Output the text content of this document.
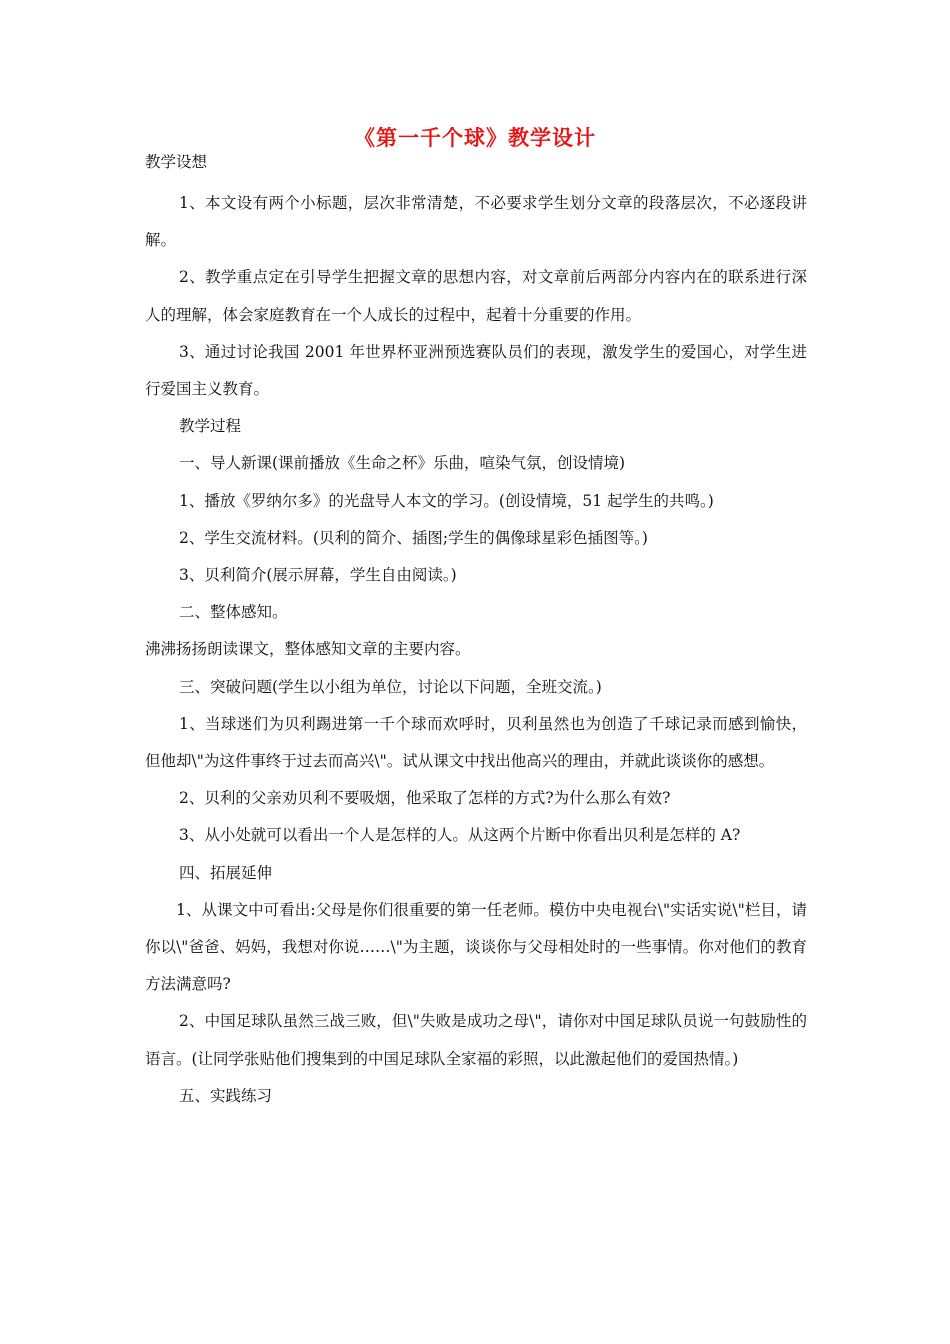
《第一千个球》教学设计

教学设想

1、本文设有两个小标题，层次非常清楚，不必要求学生划分文章的段落层次，不必逐段讲解。

2、教学重点定在引导学生把握文章的思想内容，对文章前后两部分内容内在的联系进行深人的理解，体会家庭教育在一个人成长的过程中，起着十分重要的作用。

3、通过讨论我国 2001 年世界杯亚洲预选赛队员们的表现，激发学生的爱国心，对学生进行爱国主义教育。

教学过程

一、导人新课(课前播放《生命之杯》乐曲，喧染气氛，创设情境)

1、播放《罗纳尔多》的光盘导人本文的学习。(创设情境，51 起学生的共鸣。)

2、学生交流材料。(贝利的简介、插图;学生的偶像球星彩色插图等。)

3、贝利简介(展示屏幕，学生自由阅读。)

二、整体感知。

沸沸扬扬朗读课文，整体感知文章的主要内容。

三、突破问题(学生以小组为单位，讨论以下问题，全班交流。)

1、当球迷们为贝利踢进第一千个球而欢呼时，贝利虽然也为创造了千球记录而感到愉快，但他却\"为这件事终于过去而高兴\"。试从课文中找出他高兴的理由，并就此谈谈你的感想。

2、贝利的父亲劝贝利不要吸烟，他采取了怎样的方式?为什么那么有效?

3、从小处就可以看出一个人是怎样的人。从这两个片断中你看出贝利是怎样的 A?

四、拓展延伸

1、从课文中可看出:父母是你们很重要的第一任老师。模仿中央电视台\"实话实说\"栏目，请你以\"爸爸、妈妈，我想对你说……\"为主题，谈谈你与父母相处时的一些事情。你对他们的教育方法满意吗?

2、中国足球队虽然三战三败，但\"失败是成功之母\"，请你对中国足球队员说一句鼓励性的语言。(让同学张贴他们搜集到的中国足球队全家福的彩照，以此激起他们的爱国热情。)

五、实践练习
